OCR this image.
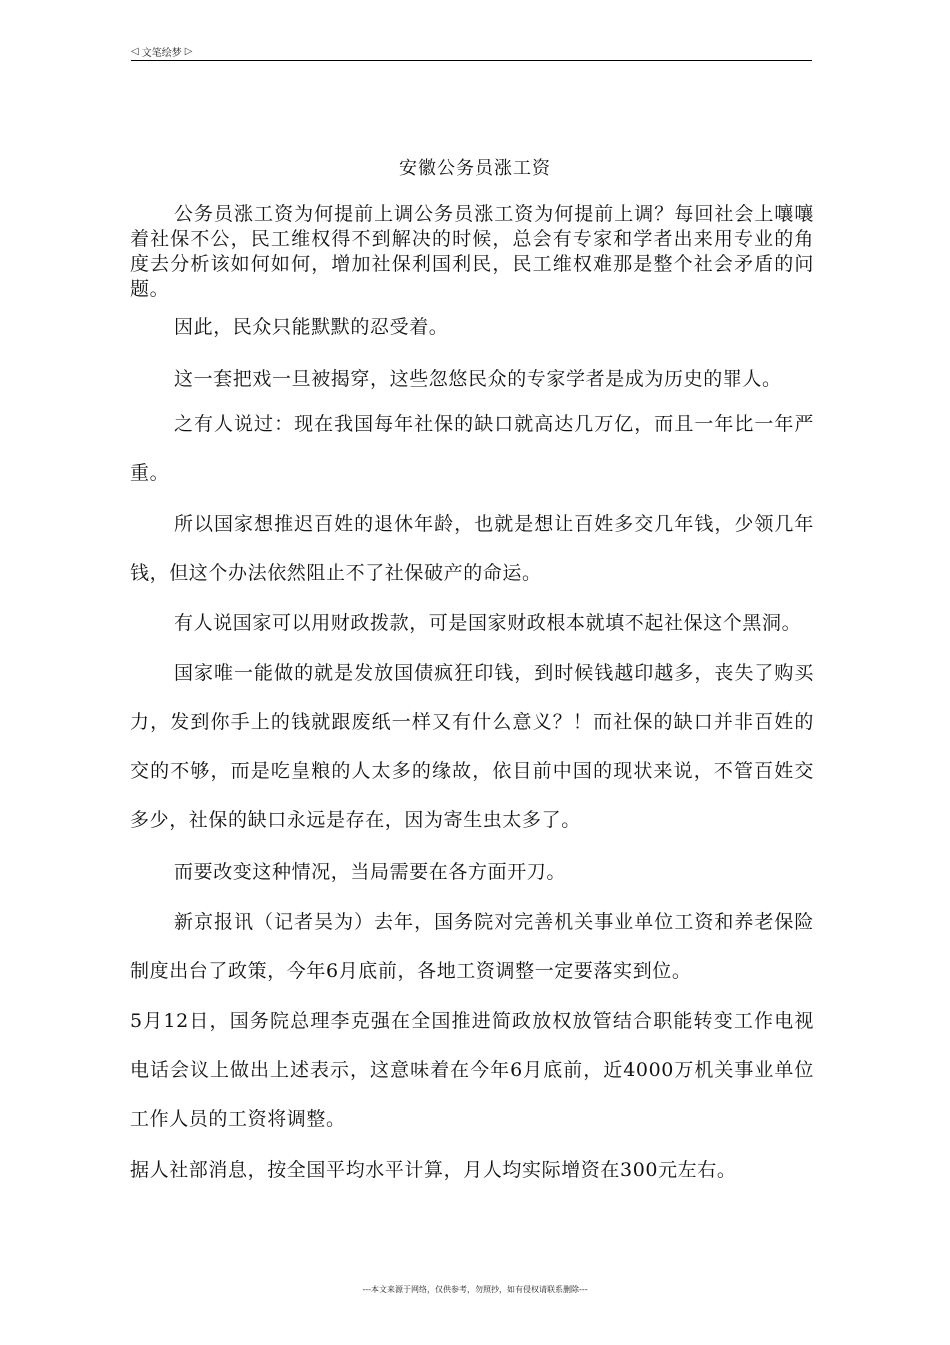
◁ 文笔绘梦 ▷
安徽公务员涨工资
公务员涨工资为何提前上调公务员涨工资为何提前上调？每回社会上嚷嚷着社保不公，民工维权得不到解决的时候，总会有专家和学者出来用专业的角度去分析该如何如何，增加社保利国利民，民工维权难那是整个社会矛盾的问题。
因此，民众只能默默的忍受着。
这一套把戏一旦被揭穿，这些忽悠民众的专家学者是成为历史的罪人。
之有人说过：现在我国每年社保的缺口就高达几万亿，而且一年比一年严重。
所以国家想推迟百姓的退休年龄，也就是想让百姓多交几年钱，少领几年钱，但这个办法依然阻止不了社保破产的命运。
有人说国家可以用财政拨款，可是国家财政根本就填不起社保这个黑洞。
国家唯一能做的就是发放国债疯狂印钱，到时候钱越印越多，丧失了购买力，发到你手上的钱就跟废纸一样又有什么意义？！而社保的缺口并非百姓的交的不够，而是吃皇粮的人太多的缘故，依目前中国的现状来说，不管百姓交多少，社保的缺口永远是存在，因为寄生虫太多了。
而要改变这种情况，当局需要在各方面开刀。
新京报讯（记者吴为）去年，国务院对完善机关事业单位工资和养老保险制度出台了政策，今年6月底前，各地工资调整一定要落实到位。
5月12日，国务院总理李克强在全国推进简政放权放管结合职能转变工作电视电话会议上做出上述表示，这意味着在今年6月底前，近4000万机关事业单位工作人员的工资将调整。
据人社部消息，按全国平均水平计算，月人均实际增资在300元左右。
---本文来源于网络，仅供参考，勿照抄，如有侵权请联系删除---
